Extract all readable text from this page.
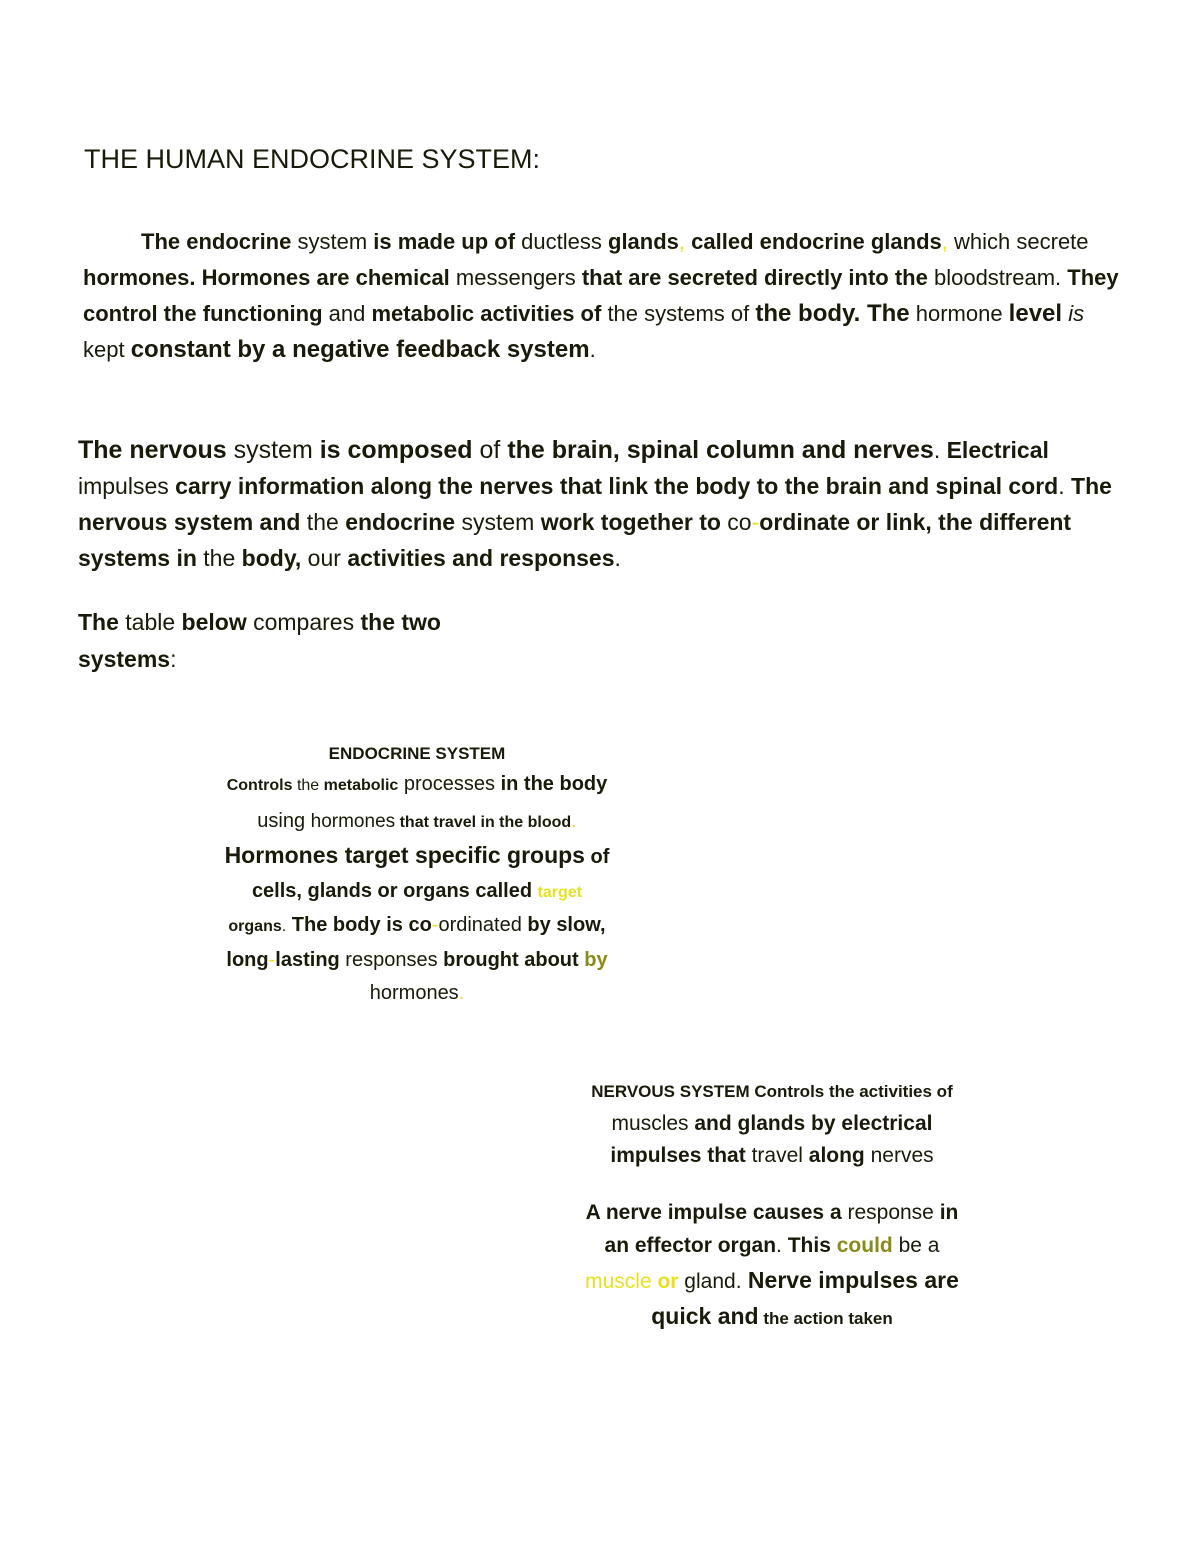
THE HUMAN ENDOCRINE SYSTEM:

The endocrine system is made up of ductless glands, called endocrine glands, which secrete hormones. Hormones are chemical messengers that are secreted directly into the bloodstream. They control the functioning and metabolic activities of the systems of the body. The hormone level is kept constant by a negative feedback system.

The nervous system is composed of the brain, spinal column and nerves. Electrical impulses carry information along the nerves that link the body to the brain and spinal cord. The nervous system and the endocrine system work together to co-ordinate or link, the different systems in the body, our activities and responses.

The table below compares the two systems:

ENDOCRINE SYSTEM

Controls the metabolic processes in the body using hormones that travel in the blood. Hormones target specific groups of cells, glands or organs called target organs. The body is co-ordinated by slow, long-lasting responses brought about by hormones.

NERVOUS SYSTEM Controls the activities of muscles and glands by electrical impulses that travel along nerves

A nerve impulse causes a response in an effector organ. This could be a muscle or gland. Nerve impulses are quick and the action taken
